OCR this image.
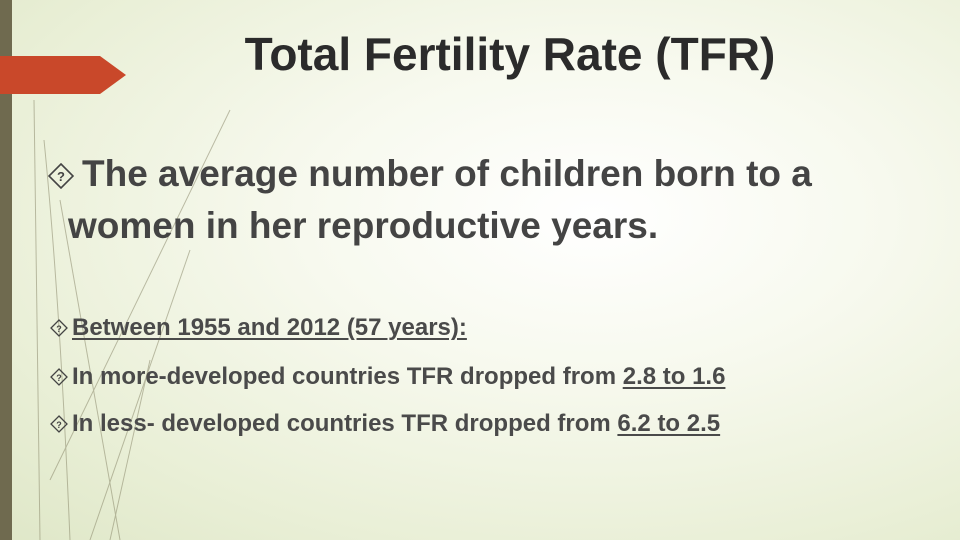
Total Fertility Rate (TFR)
? The average number of children born to a
women in her reproductive years.
? Between 1955 and 2012 (57 years):
? In more-developed countries TFR dropped from 2.8 to 1.6
? In less- developed countries TFR dropped from 6.2 to 2.5
